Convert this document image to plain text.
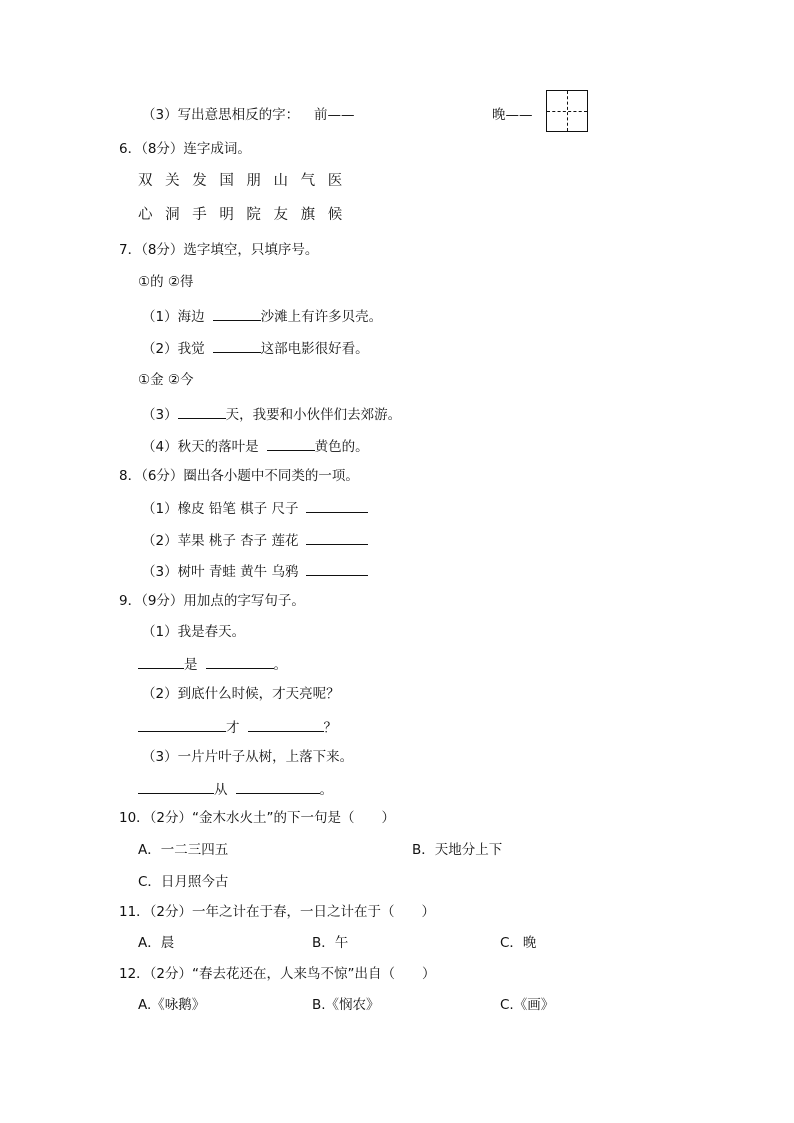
（3）写出意思相反的字： 前——	晚——
6．（8分）连字成词。
双 关 发 国 朋 山 气 医
心 洞 手 明 院 友 旗 候
7．（8分）选字填空，只填序号。
①的 ②得
（1）海边	沙滩上有许多贝壳。
（2）我觉	这部电影很好看。
①金 ②今
（3）	天，我要和小伙伴们去郊游。
（4）秋天的落叶是	黄色的。
8．（6分）圈出各小题中不同类的一项。
（1）橡皮 铅笔 棋子 尺子
（2）苹果 桃子 杏子 莲花
（3）树叶 青蛙 黄牛 乌鸦
9．（9分）用加点的字写句子。
（1）我是春天。
是	。
（2）到底什么时候，才天亮呢？
才	？
（3）一片片叶子从树，上落下来。
从	。
10．（2分）“金木水火土”的下一句是（　　）
A．一二三四五	B．天地分上下
C．日月照今古
11．（2分）一年之计在于春，一日之计在于（　　）
A．晨	B．午	C．晚
12．（2分）“春去花还在，人来鸟不惊”出自（　　）
A.《咏鹅》	B.《悯农》	C.《画》
